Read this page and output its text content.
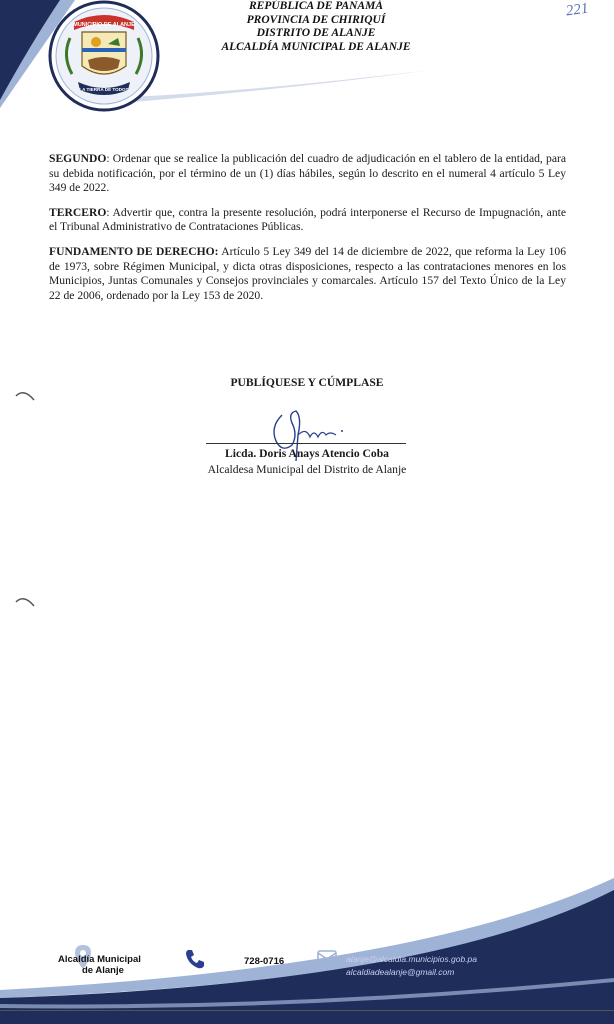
MUNICIPIO DE ALANJE
LA TIERRA DE TODOS
REPÚBLICA DE PANAMÁ
PROVINCIA DE CHIRIQUÍ
DISTRITO DE ALANJE
ALCALDÍA MUNICIPAL DE ALANJE
221

SEGUNDO: Ordenar que se realice la publicación del cuadro de adjudicación en el tablero de la entidad, para su debida notificación, por el término de un (1) días hábiles, según lo descrito en el numeral 4 artículo 5 Ley 349 de 2022.

TERCERO: Advertir que, contra la presente resolución, podrá interponerse el Recurso de Impugnación, ante el Tribunal Administrativo de Contrataciones Públicas.

FUNDAMENTO DE DERECHO: Artículo 5 Ley 349 del 14 de diciembre de 2022, que reforma la Ley 106 de 1973, sobre Régimen Municipal, y dicta otras disposiciones, respecto a las contrataciones menores en los Municipios, Juntas Comunales y Consejos provinciales y comarcales. Artículo 157 del Texto Único de la Ley 22 de 2006, ordenado por la Ley 153 de 2020.

PUBLÍQUESE Y CÚMPLASE
Licda. Doris Anays Atencio Coba
Alcaldesa Municipal del Distrito de Alanje
Alcaldía Municipal
de Alanje
728-0716	alanje@alcaldia.municipios.gob.pa
alcaldiadealanje@gmail.com
